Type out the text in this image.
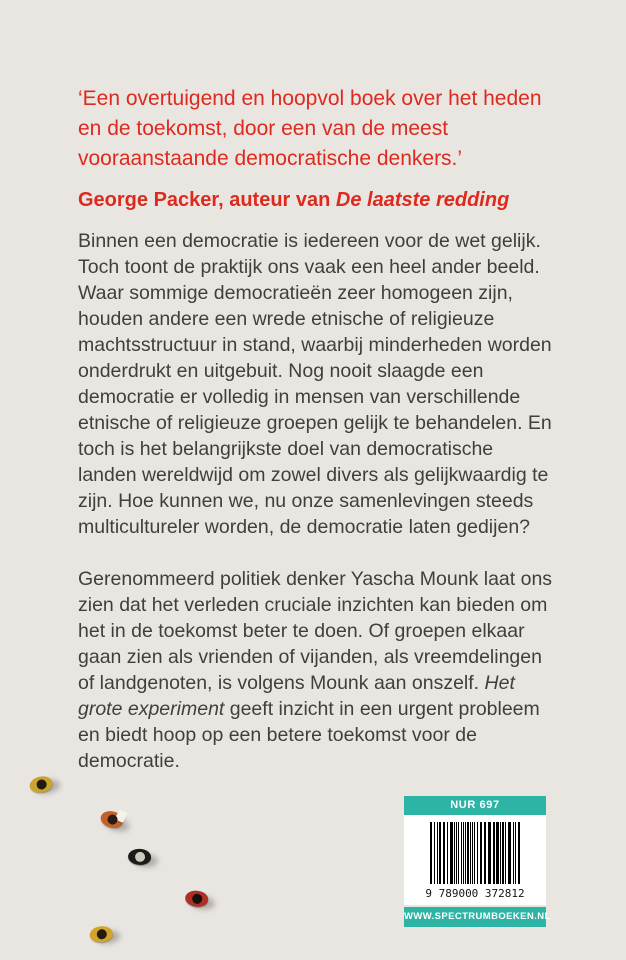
‘Een overtuigend en hoopvol boek over het heden en de toekomst, door een van de meest vooraanstaande democratische denkers.’

George Packer, auteur van De laatste redding

Binnen een democratie is iedereen voor de wet gelijk. Toch toont de praktijk ons vaak een heel ander beeld. Waar sommige democratieën zeer homogeen zijn, houden andere een wrede etnische of religieuze machtsstructuur in stand, waarbij minderheden worden onderdrukt en uitgebuit. Nog nooit slaagde een democratie er volledig in mensen van verschillende etnische of religieuze groepen gelijk te behandelen. En toch is het belangrijkste doel van democratische landen wereldwijd om zowel divers als gelijkwaardig te zijn. Hoe kunnen we, nu onze samenlevingen steeds multicultureler worden, de democratie laten gedijen?

Gerenommeerd politiek denker Yascha Mounk laat ons zien dat het verleden cruciale inzichten kan bieden om het in de toekomst beter te doen. Of groepen elkaar gaan zien als vrienden of vijanden, als vreemdelingen of landgenoten, is volgens Mounk aan onszelf. Het grote experiment geeft inzicht in een urgent probleem en biedt hoop op een betere toekomst voor de democratie.

NUR 697
9 789000 372812
WWW.SPECTRUMBOEKEN.NL
